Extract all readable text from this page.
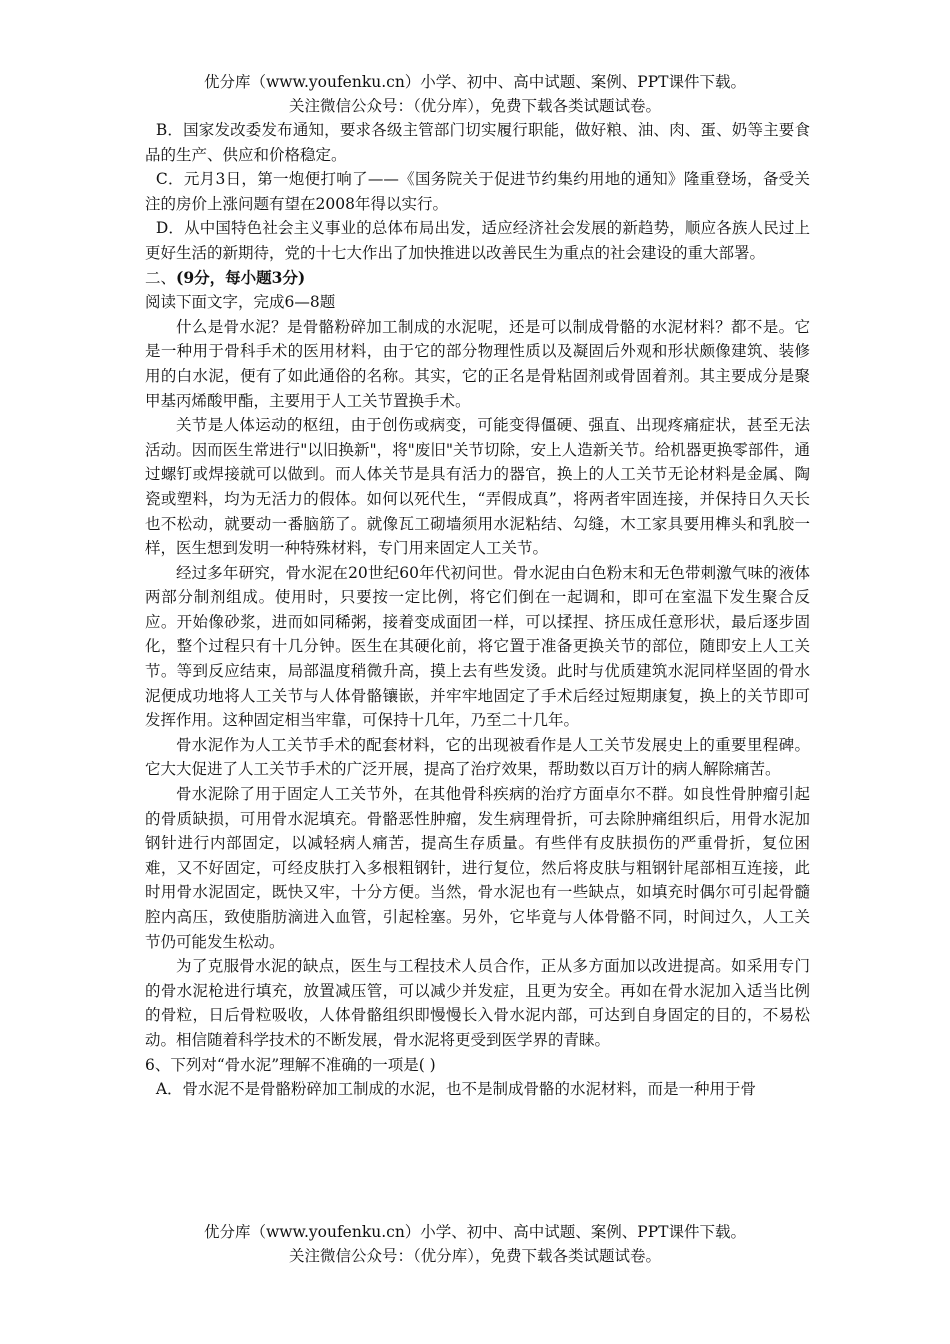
优分库（www.youfenku.cn）小学、初中、高中试题、案例、PPT课件下载。
关注微信公众号：（优分库），免费下载各类试题试卷。

B．国家发改委发布通知，要求各级主管部门切实履行职能，做好粮、油、肉、蛋、奶等主要食品的生产、供应和价格稳定。

C．元月3日，第一炮便打响了——《国务院关于促进节约集约用地的通知》隆重登场，备受关注的房价上涨问题有望在2008年得以实行。

D．从中国特色社会主义事业的总体布局出发，适应经济社会发展的新趋势，顺应各族人民过上更好生活的新期待，党的十七大作出了加快推进以改善民生为重点的社会建设的重大部署。

二、(9分，每小题3分)

阅读下面文字，完成6—8题

什么是骨水泥？是骨骼粉碎加工制成的水泥呢，还是可以制成骨骼的水泥材料？都不是。它是一种用于骨科手术的医用材料，由于它的部分物理性质以及凝固后外观和形状颇像建筑、装修用的白水泥，便有了如此通俗的名称。其实，它的正名是骨粘固剂或骨固着剂。其主要成分是聚甲基丙烯酸甲酯，主要用于人工关节置换手术。

关节是人体运动的枢纽，由于创伤或病变，可能变得僵硬、强直、出现疼痛症状，甚至无法活动。因而医生常进行"以旧换新"，将"废旧"关节切除，安上人造新关节。给机器更换零部件，通过螺钉或焊接就可以做到。而人体关节是具有活力的器官，换上的人工关节无论材料是金属、陶瓷或塑料，均为无活力的假体。如何以死代生，“弄假成真”，将两者牢固连接，并保持日久天长也不松动，就要动一番脑筋了。就像瓦工砌墙须用水泥粘结、勾缝，木工家具要用榫头和乳胶一样，医生想到发明一种特殊材料，专门用来固定人工关节。

经过多年研究，骨水泥在20世纪60年代初问世。骨水泥由白色粉末和无色带刺激气味的液体两部分制剂组成。使用时，只要按一定比例，将它们倒在一起调和，即可在室温下发生聚合反应。开始像砂浆，进而如同稀粥，接着变成面团一样，可以揉捏、挤压成任意形状，最后逐步固化，整个过程只有十几分钟。医生在其硬化前，将它置于准备更换关节的部位，随即安上人工关节。等到反应结束，局部温度稍微升高，摸上去有些发烫。此时与优质建筑水泥同样坚固的骨水泥便成功地将人工关节与人体骨骼镶嵌，并牢牢地固定了手术后经过短期康复，换上的关节即可发挥作用。这种固定相当牢靠，可保持十几年，乃至二十几年。

骨水泥作为人工关节手术的配套材料，它的出现被看作是人工关节发展史上的重要里程碑。它大大促进了人工关节手术的广泛开展，提高了治疗效果，帮助数以百万计的病人解除痛苦。

骨水泥除了用于固定人工关节外，在其他骨科疾病的治疗方面卓尔不群。如良性骨肿瘤引起的骨质缺损，可用骨水泥填充。骨骼恶性肿瘤，发生病理骨折，可去除肿痛组织后，用骨水泥加钢针进行内部固定，以减轻病人痛苦，提高生存质量。有些伴有皮肤损伤的严重骨折，复位困难，又不好固定，可经皮肤打入多根粗钢针，进行复位，然后将皮肤与粗钢针尾部相互连接，此时用骨水泥固定，既快又牢，十分方便。当然，骨水泥也有一些缺点，如填充时偶尔可引起骨髓腔内高压，致使脂肪滴进入血管，引起栓塞。另外，它毕竟与人体骨骼不同，时间过久，人工关节仍可能发生松动。

为了克服骨水泥的缺点，医生与工程技术人员合作，正从多方面加以改进提高。如采用专门的骨水泥枪进行填充，放置减压管，可以减少并发症，且更为安全。再如在骨水泥加入适当比例的骨粒，日后骨粒吸收，人体骨骼组织即慢慢长入骨水泥内部，可达到自身固定的目的，不易松动。相信随着科学技术的不断发展，骨水泥将更受到医学界的青睐。

6、下列对“骨水泥”理解不准确的一项是( )

A．骨水泥不是骨骼粉碎加工制成的水泥，也不是制成骨骼的水泥材料，而是一种用于骨

优分库（www.youfenku.cn）小学、初中、高中试题、案例、PPT课件下载。
关注微信公众号：（优分库），免费下载各类试题试卷。
